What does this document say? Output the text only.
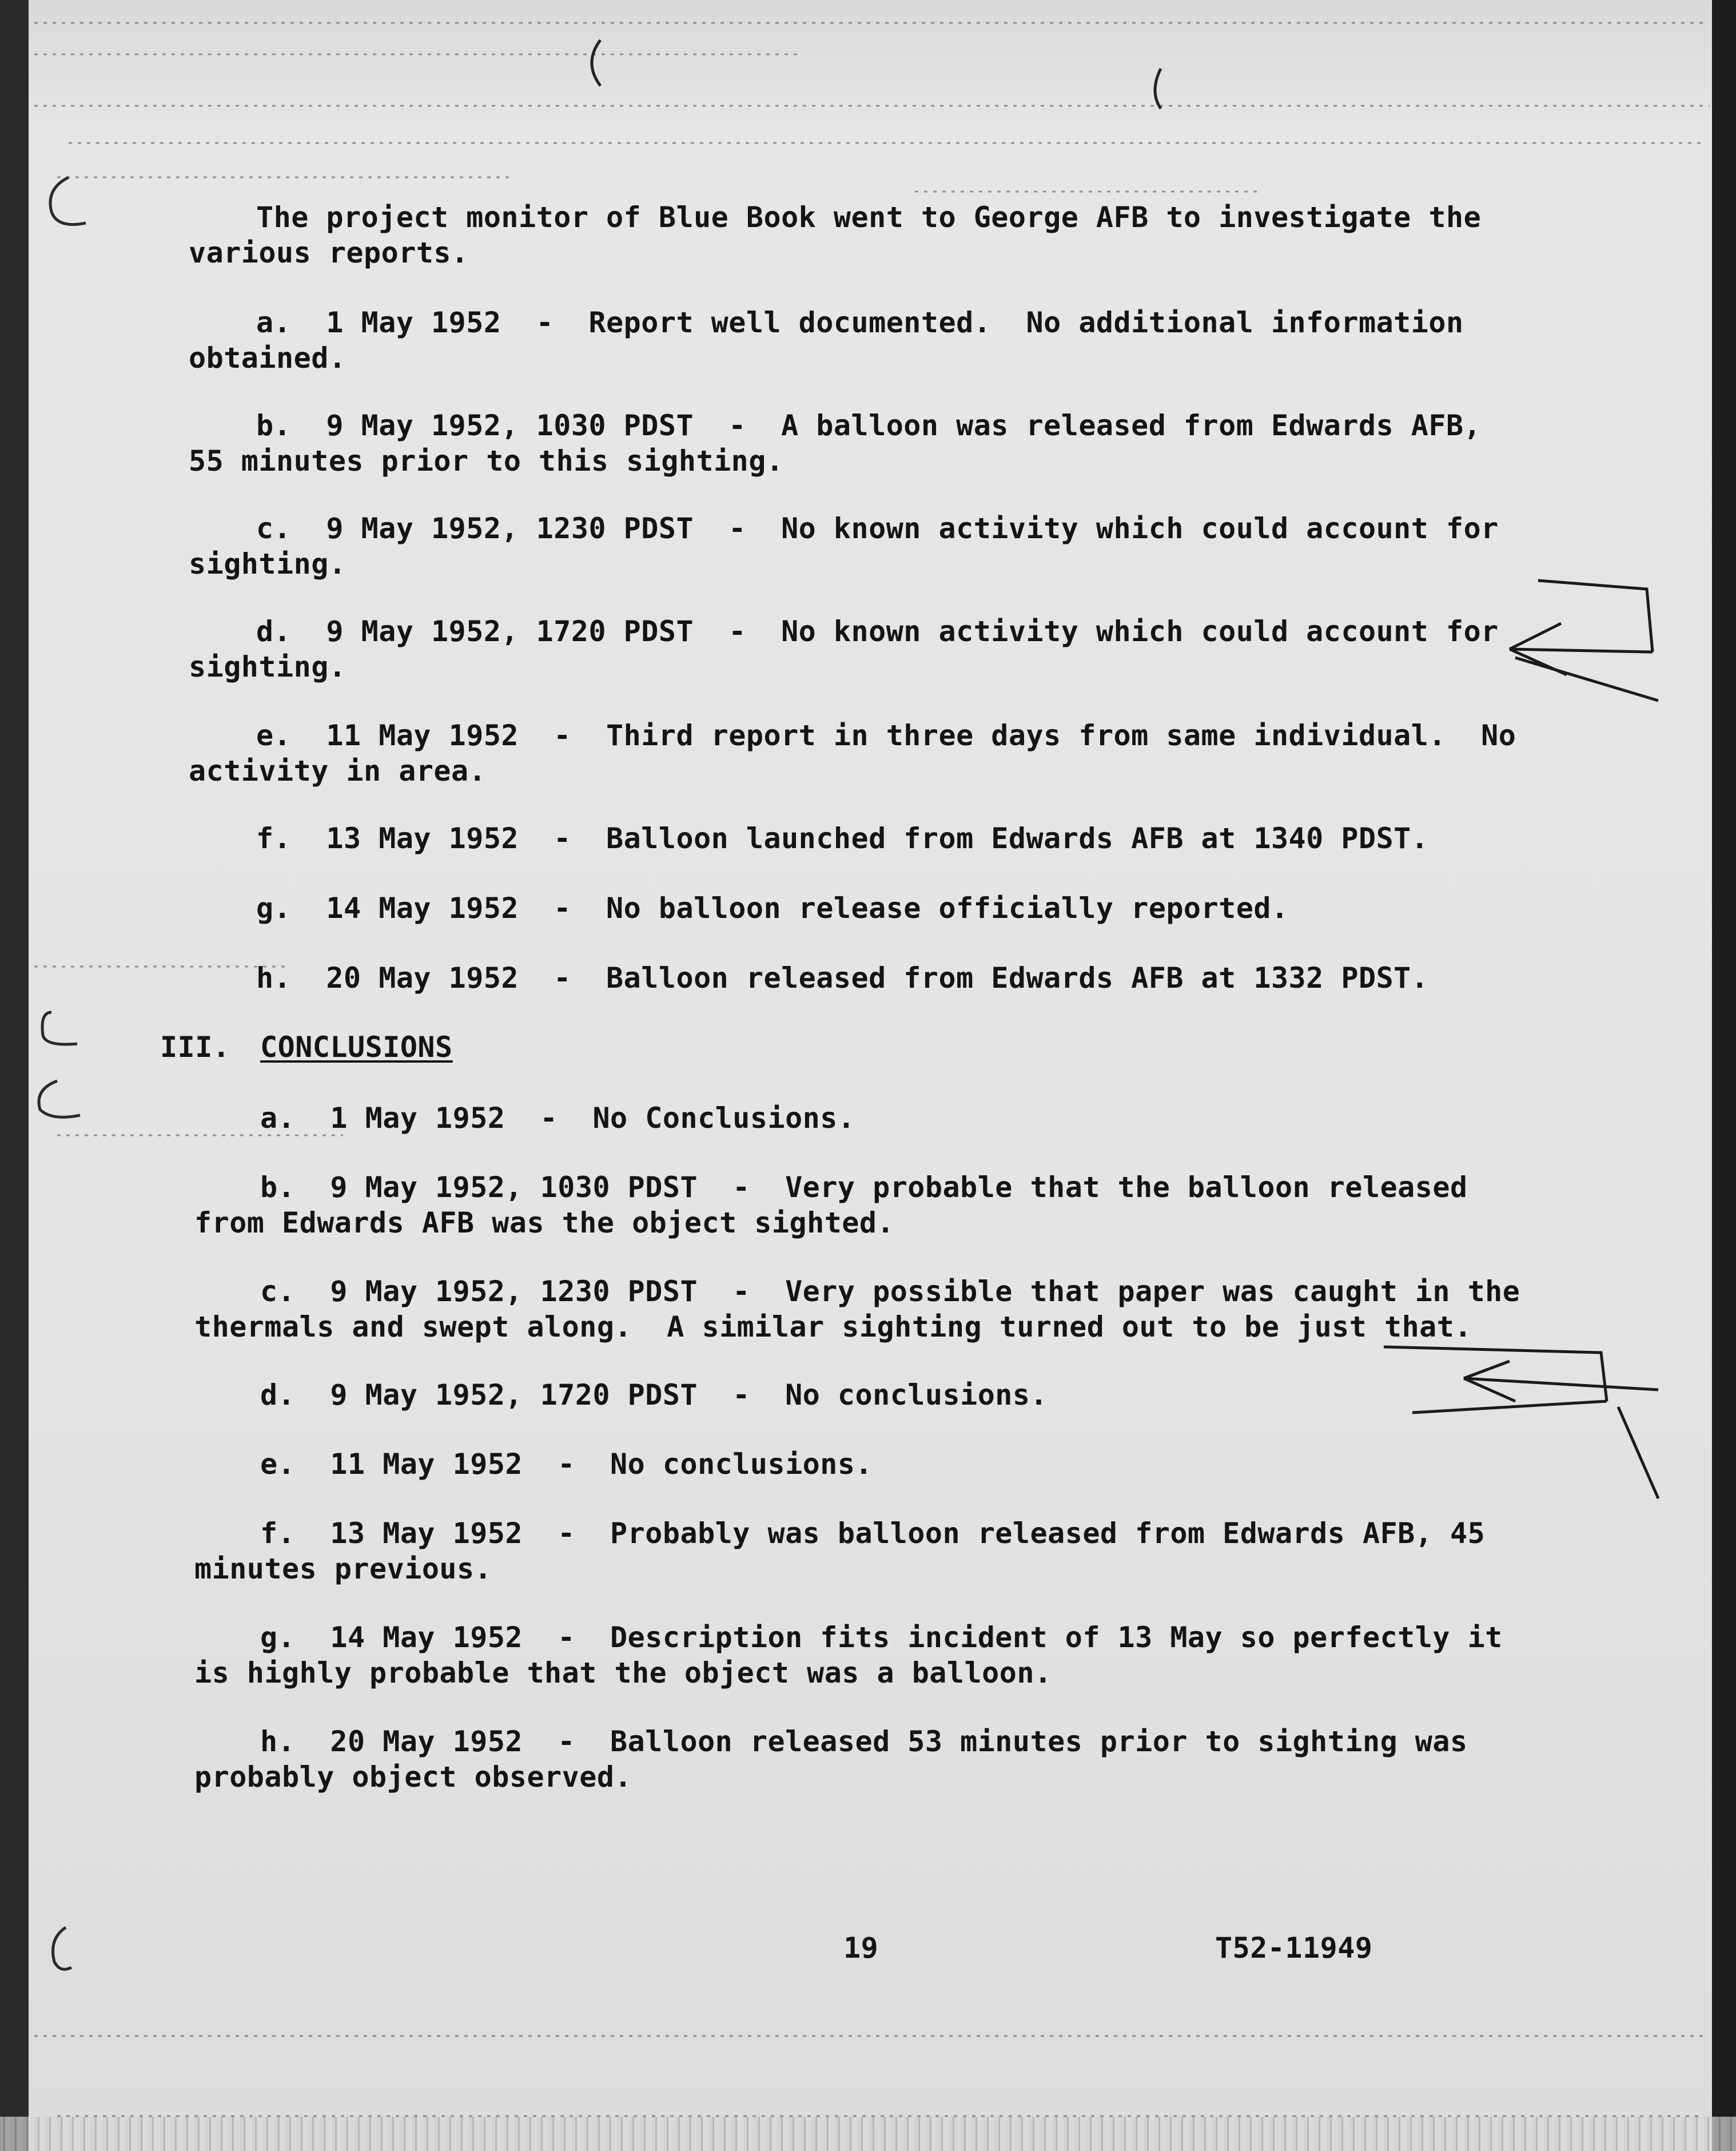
The project monitor of Blue Book went to George AFB to investigate the

various reports.

a.  1 May 1952  -  Report well documented.  No additional information

obtained.

b.  9 May 1952, 1030 PDST  -  A balloon was released from Edwards AFB,

55 minutes prior to this sighting.

c.  9 May 1952, 1230 PDST  -  No known activity which could account for

sighting.

d.  9 May 1952, 1720 PDST  -  No known activity which could account for

sighting.

e.  11 May 1952  -  Third report in three days from same individual.  No

activity in area.

f.  13 May 1952  -  Balloon launched from Edwards AFB at 1340 PDST.

g.  14 May 1952  -  No balloon release officially reported.

h.  20 May 1952  -  Balloon released from Edwards AFB at 1332 PDST.

III. CONCLUSIONS

a.  1 May 1952  -  No Conclusions.

b.  9 May 1952, 1030 PDST  -  Very probable that the balloon released

from Edwards AFB was the object sighted.

c.  9 May 1952, 1230 PDST  -  Very possible that paper was caught in the

thermals and swept along.  A similar sighting turned out to be just that.

d.  9 May 1952, 1720 PDST  -  No conclusions.

e.  11 May 1952  -  No conclusions.

f.  13 May 1952  -  Probably was balloon released from Edwards AFB, 45

minutes previous.

g.  14 May 1952  -  Description fits incident of 13 May so perfectly it

is highly probable that the object was a balloon.

h.  20 May 1952  -  Balloon released 53 minutes prior to sighting was

probably object observed.

19	T52-11949
